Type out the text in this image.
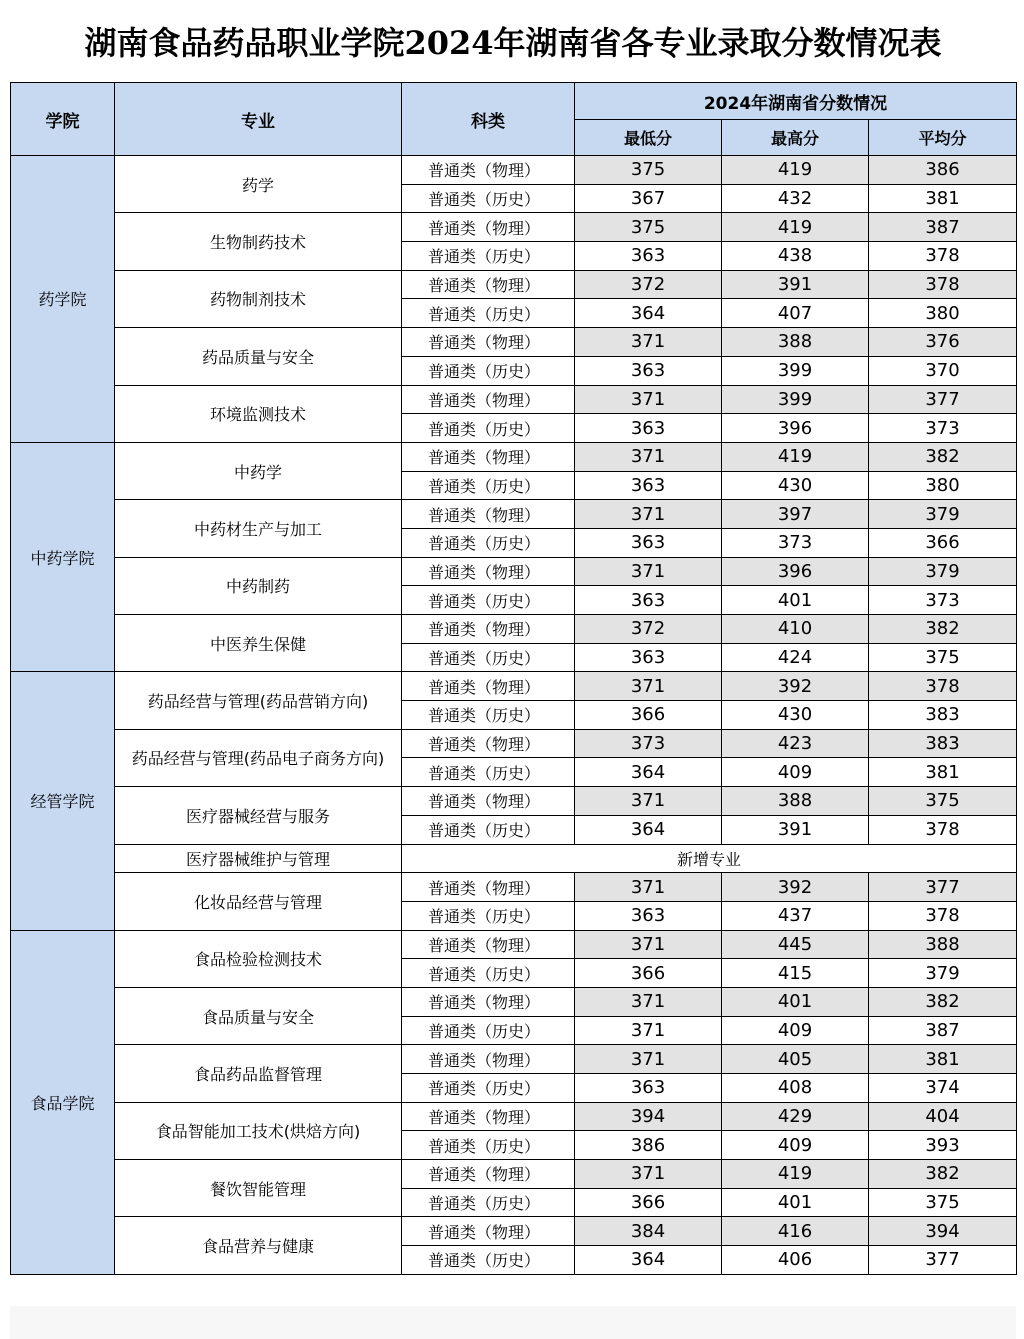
湖南食品药品职业学院2024年湖南省各专业录取分数情况表
学院	专业	科类	2024年湖南省分数情况		
			最低分	最高分	平均分
药学院	药学	普通类（物理）	375	419	386
		普通类（历史）	367	432	381
	生物制药技术	普通类（物理）	375	419	387
		普通类（历史）	363	438	378
	药物制剂技术	普通类（物理）	372	391	378
		普通类（历史）	364	407	380
	药品质量与安全	普通类（物理）	371	388	376
		普通类（历史）	363	399	370
	环境监测技术	普通类（物理）	371	399	377
		普通类（历史）	363	396	373
中药学院	中药学	普通类（物理）	371	419	382
		普通类（历史）	363	430	380
	中药材生产与加工	普通类（物理）	371	397	379
		普通类（历史）	363	373	366
	中药制药	普通类（物理）	371	396	379
		普通类（历史）	363	401	373
	中医养生保健	普通类（物理）	372	410	382
		普通类（历史）	363	424	375
经管学院	药品经营与管理(药品营销方向)	普通类（物理）	371	392	378
		普通类（历史）	366	430	383
	药品经营与管理(药品电子商务方向)	普通类（物理）	373	423	383
		普通类（历史）	364	409	381
	医疗器械经营与服务	普通类（物理）	371	388	375
		普通类（历史）	364	391	378
	医疗器械维护与管理	新增专业			

	化妆品经营与管理	普通类（物理）	371	392	377
		普通类（历史）	363	437	378
食品学院	食品检验检测技术	普通类（物理）	371	445	388
		普通类（历史）	366	415	379
	食品质量与安全	普通类（物理）	371	401	382
		普通类（历史）	371	409	387
	食品药品监督管理	普通类（物理）	371	405	381
		普通类（历史）	363	408	374
	食品智能加工技术(烘焙方向)	普通类（物理）	394	429	404
		普通类（历史）	386	409	393
	餐饮智能管理	普通类（物理）	371	419	382
		普通类（历史）	366	401	375
	食品营养与健康	普通类（物理）	384	416	394
		普通类（历史）	364	406	377
